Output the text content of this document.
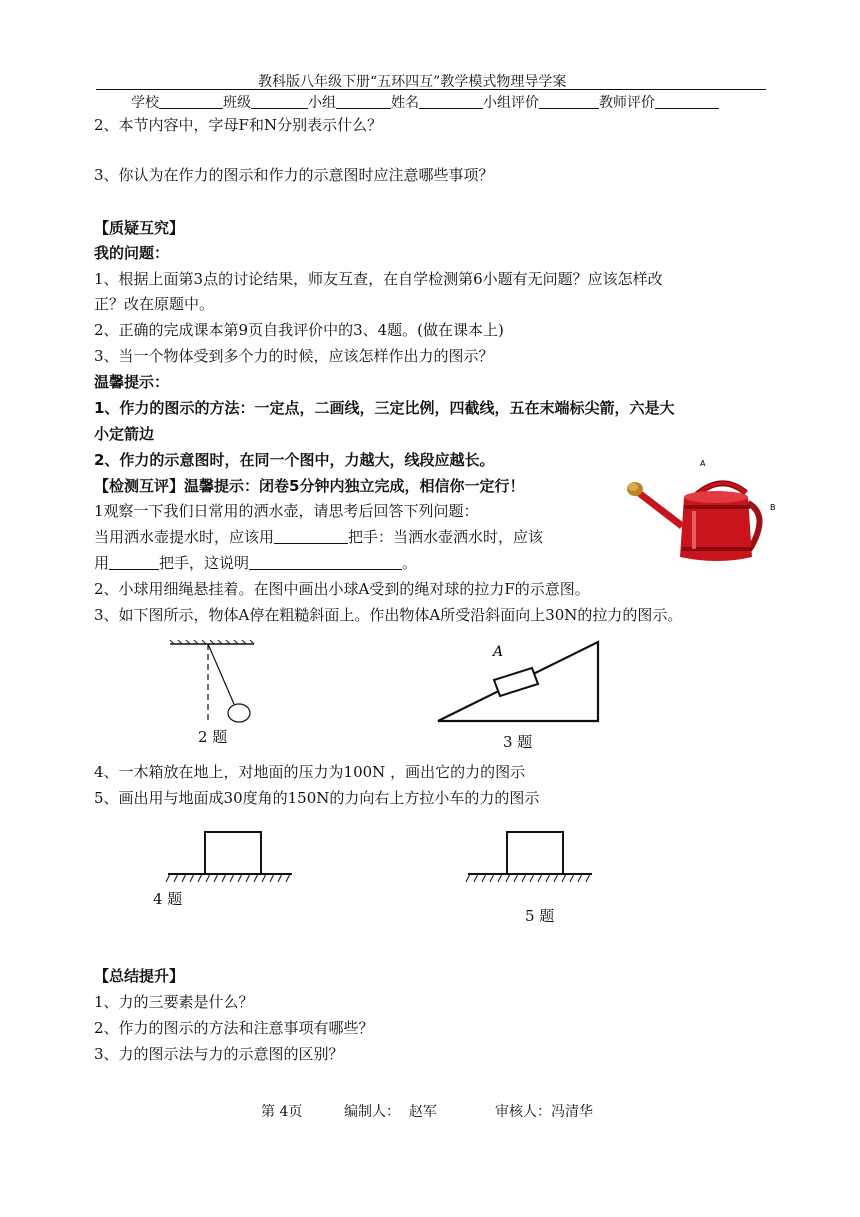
教科版八年级下册“五环四互”教学模式物理导学案
学校	班级	小组	姓名	小组评价	教师评价
2、本节内容中，字母F和N分别表示什么？
3、你认为在作力的图示和作力的示意图时应注意哪些事项？
【质疑互究】
我的问题：
1、根据上面第3点的讨论结果，师友互查，在自学检测第6小题有无问题？应该怎样改
正？改在原题中。
2、正确的完成课本第9页自我评价中的3、4题。(做在课本上)
3、当一个物体受到多个力的时候，应该怎样作出力的图示？
温馨提示：
1、作力的图示的方法：一定点，二画线，三定比例，四截线，五在末端标尖箭，六是大
小定箭边
2、作力的示意图时，在同一个图中，力越大，线段应越长。
【检测互评】温馨提示：闭卷5分钟内独立完成，相信你一定行！
1观察一下我们日常用的洒水壶，请思考后回答下列问题：
当用洒水壶提水时，应该用	把手：当洒水壶洒水时，应该
用	把手，这说明	。
2、小球用细绳悬挂着。在图中画出小球A受到的绳对球的拉力F的示意图。
3、如下图所示，物体A停在粗糙斜面上。作出物体A所受沿斜面向上30N的拉力的图示。
A
B
2 题
A
3 题
4、一木箱放在地上，对地面的压力为100N ，画出它的力的图示
5、画出用与地面成30度角的150N的力向右上方拉小车的力的图示
4 题
5 题
【总结提升】
1、力的三要素是什么？
2、作力的图示的方法和注意事项有哪些？
3、力的图示法与力的示意图的区别？
第 4页	编制人：  赵军	审核人：冯清华
